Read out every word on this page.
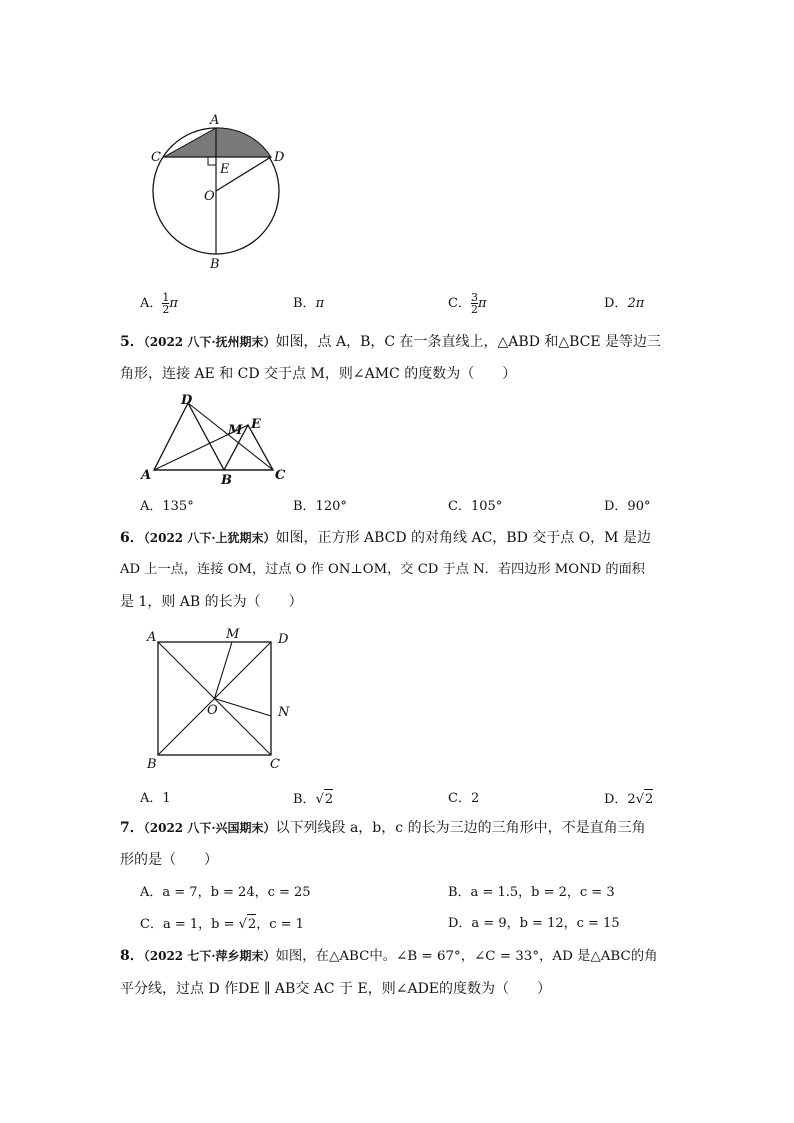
A
C	D
E
O
B
A．$\frac{1}{2}$ π	B．π	C．$\frac{3}{2}$ π	D．2π
5．（2022 八下·抚州期末）如图，点 A，B，C 在一条直线上，△ABD 和△BCE 是等边三
角形，连接 AE 和 CD 交于点 M，则∠AMC 的度数为（　　）
D
M E
A	B	C
A．135°	B．120°	C．105°	D．90°
6．（2022 八下·上犹期末）如图，正方形 ABCD 的对角线 AC，BD 交于点 O，M 是边
AD 上一点，连接 OM，过点 O 作 ON⊥OM，交 CD 于点 N．若四边形 MOND 的面积
是 1，则 AB 的长为（　　）
A	M	D
O	N
B	C
A．1	B．√2	C．2	D．2√2
7．（2022 八下·兴国期末）以下列线段 a，b，c 的长为三边的三角形中，不是直角三角
形的是（　　）
A．a = 7，b = 24，c = 25	B．a = 1.5，b = 2，c = 3
C．a = 1，b = √2，c = 1	D．a = 9，b = 12，c = 15
8．（2022 七下·萍乡期末）如图，在△ABC中。∠B = 67°，∠C = 33°，AD 是△ABC的角
平分线，过点 D 作DE ∥ AB交 AC 于 E，则∠ADE的度数为（　　）
